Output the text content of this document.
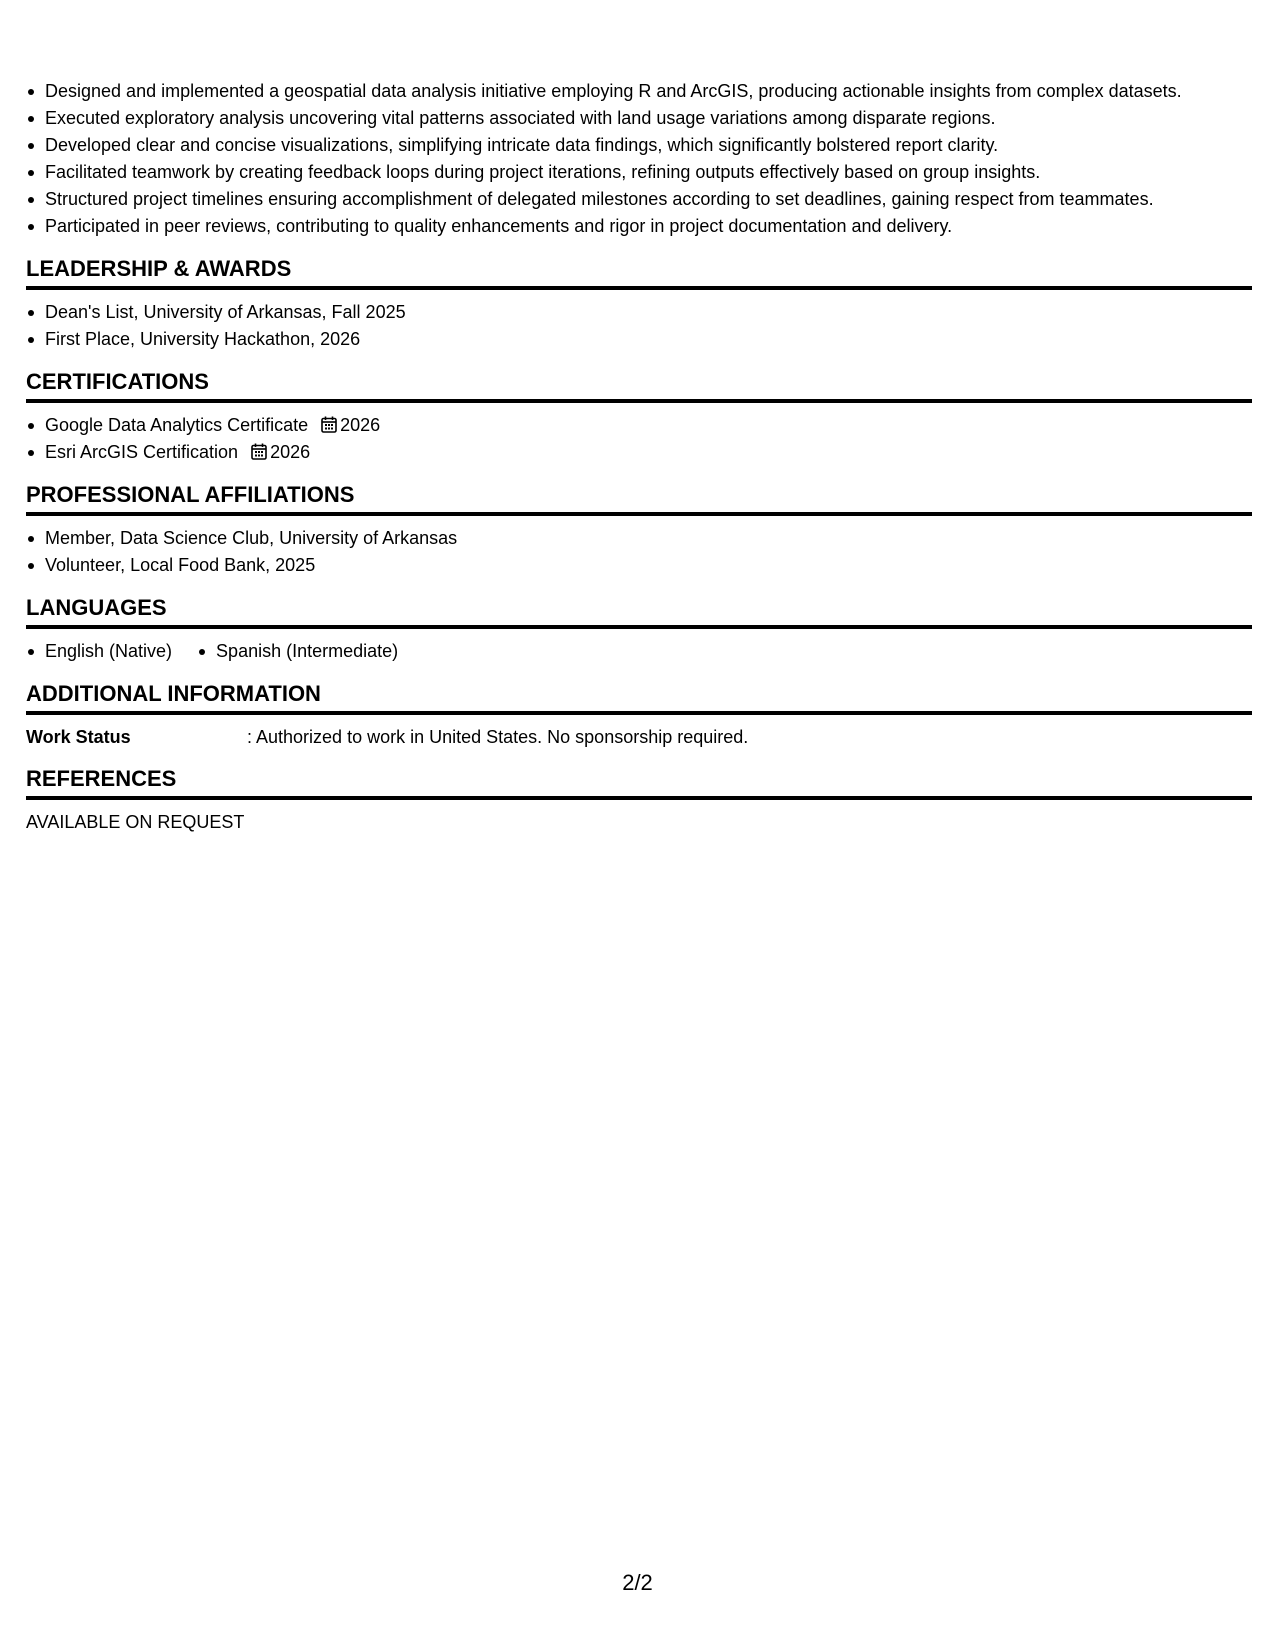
Designed and implemented a geospatial data analysis initiative employing R and ArcGIS, producing actionable insights from complex datasets.
Executed exploratory analysis uncovering vital patterns associated with land usage variations among disparate regions.
Developed clear and concise visualizations, simplifying intricate data findings, which significantly bolstered report clarity.
Facilitated teamwork by creating feedback loops during project iterations, refining outputs effectively based on group insights.
Structured project timelines ensuring accomplishment of delegated milestones according to set deadlines, gaining respect from teammates.
Participated in peer reviews, contributing to quality enhancements and rigor in project documentation and delivery.
LEADERSHIP & AWARDS
Dean's List, University of Arkansas, Fall 2025
First Place, University Hackathon, 2026
CERTIFICATIONS
Google Data Analytics Certificate 2026
Esri ArcGIS Certification 2026
PROFESSIONAL AFFILIATIONS
Member, Data Science Club, University of Arkansas
Volunteer, Local Food Bank, 2025
LANGUAGES
English (Native)	Spanish (Intermediate)
ADDITIONAL INFORMATION
Work Status	: Authorized to work in United States. No sponsorship required.
REFERENCES
AVAILABLE ON REQUEST
2/2
